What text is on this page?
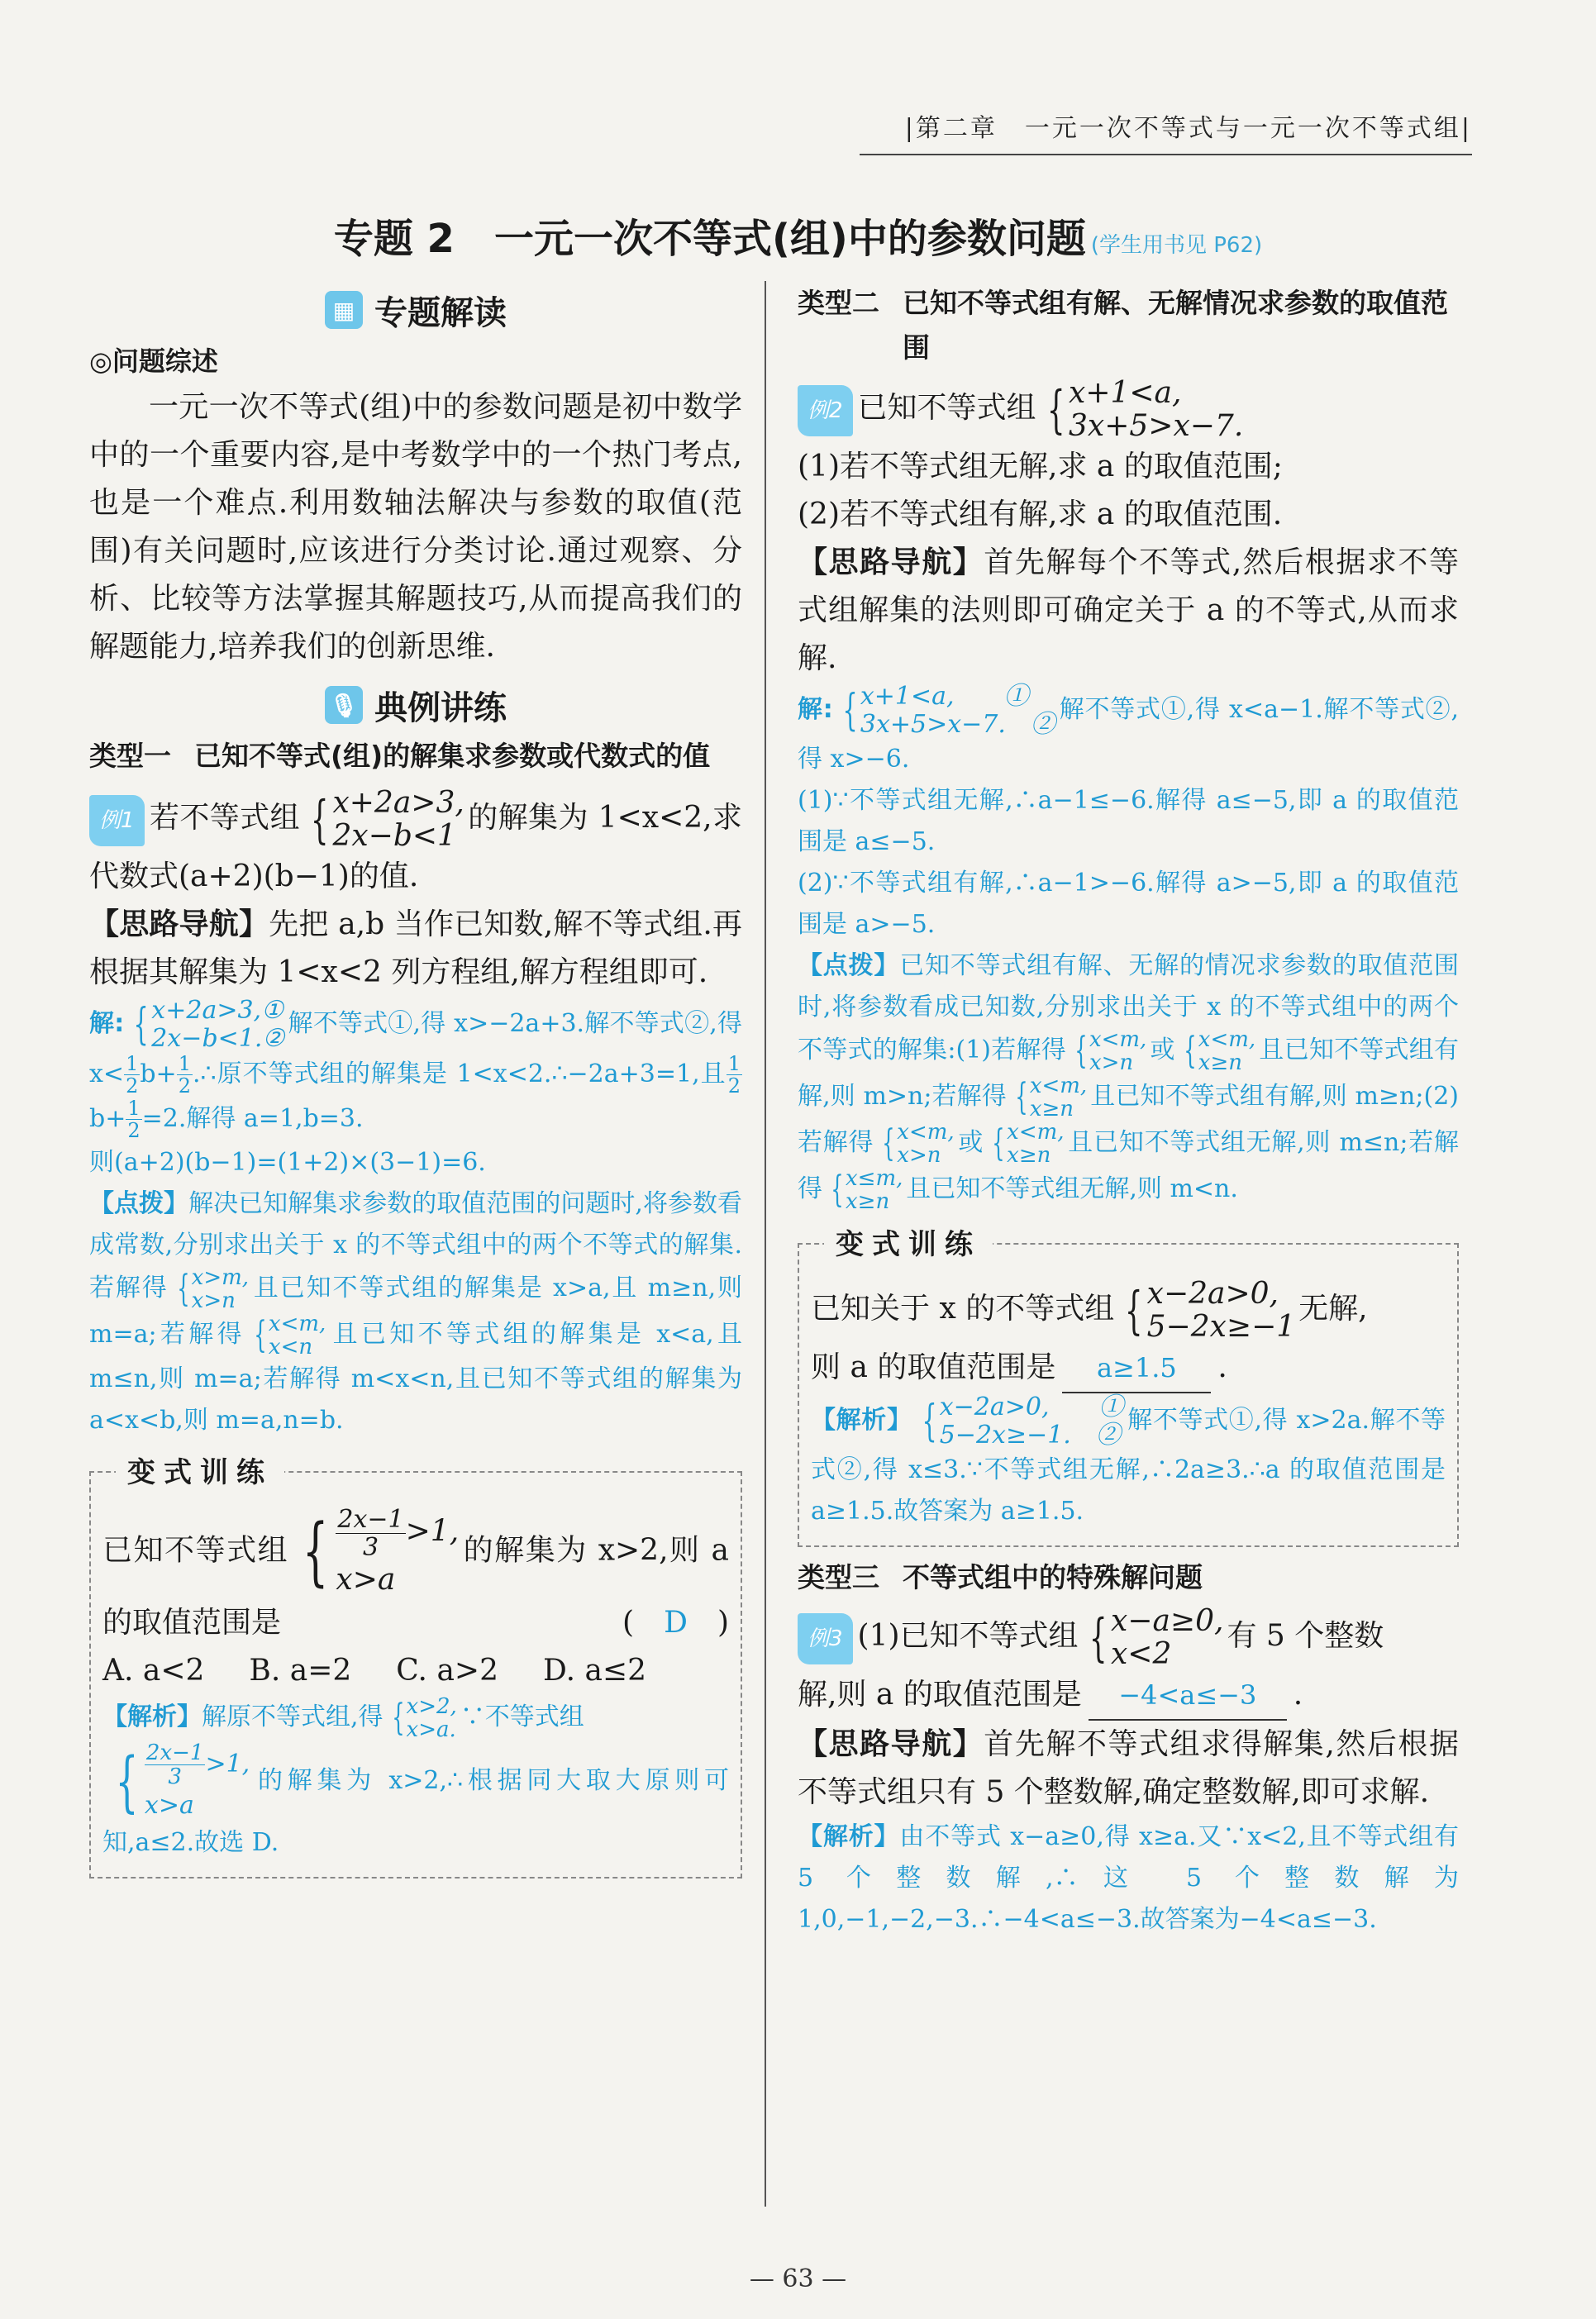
|第二章　一元一次不等式与一元一次不等式组|
专题 2　一元一次不等式(组)中的参数问题 (学生用书见 P62)
▦ 专题解读
◎问题综述

一元一次不等式(组)中的参数问题是初中数学中的一个重要内容,是中考数学中的一个热门考点,也是一个难点.利用数轴法解决与参数的取值(范围)有关问题时,应该进行分类讨论.通过观察、分析、比较等方法掌握其解题技巧,从而提高我们的解题能力,培养我们的创新思维.

🎙 典例讲练
类型一 已知不等式(组)的解集求参数或代数式的值

例1 若不等式组 { x+2a>3,
2x−b<1
的解集为 1<x<2,求代数式(a+2)(b−1)的值.

【思路导航】先把 a,b 当作已知数,解不等式组.再根据其解集为 1<x<2 列方程组,解方程组即可.

解: { x+2a>3,①
2x−b<1.②
解不等式①,得 x>−2a+3.解不等式②,得 $x< \frac{1}{2} b+ \frac{1}{2}$ .∴原不等式组的解集是 1<x<2.∴−2a+3=1,且 $\frac{1}{2}$
$b+ \frac{1}{2} =2$.解得 a=1,b=3.
则(a+2)(b−1)=(1+2)×(3−1)=6.
【点拨】解决已知解集求参数的取值范围的问题时,将参数看成常数,分别求出关于 x 的不等式组中的两个不等式的解集.若解得 { x>m,
x>n 且已知不等式组的解集是 x>a,且 m≥n,则 m=a;若解得 { x<m,
x<n 且已知不等式组的解集是 x<a,且 m≤n,则 m=a;若解得 m<x<n,且已知不等式组的解集为 a<x<b,则 m=a,n=b.
变式训练

已知不等式组 { $\frac{2x-1}{3} >1$,
x>a
的解集为 x>2,则 a 的取值范围是	(　D　)

A. a<2 B. a=2 C. a>2 D. a≤2
【解析】解原不等式组,得 { x>2,
x>a. ∵不等式组

{ $\frac{2x-1}{3} >1$,
x>a
的解集为 x>2,∴根据同大取大原则可知,a≤2.故选 D.
类型二 已知不等式组有解、无解情况求参数的取值范围

例2 已知不等式组 { x+1<a,
3x+5>x−7.

(1)若不等式组无解,求 a 的取值范围;

(2)若不等式组有解,求 a 的取值范围.

【思路导航】首先解每个不等式,然后根据求不等式组解集的法则即可确定关于 a 的不等式,从而求解.

解: { x+1<a,　　①
3x+5>x−7.　②
解不等式①,得 x<a−1.解不等式②,得 x>−6.
(1)∵不等式组无解,∴a−1≤−6.解得 a≤−5,即 a 的取值范围是 a≤−5.
(2)∵不等式组有解,∴a−1>−6.解得 a>−5,即 a 的取值范围是 a>−5.
【点拨】已知不等式组有解、无解的情况求参数的取值范围时,将参数看成已知数,分别求出关于 x 的不等式组中的两个不等式的解集:(1)若解得 { x<m,
x>n 或 { x<m,
x≥n 且已知不等式组有解,则 m>n;若解得 { x<m,
x≥n 且已知不等式组有解,则 m≥n;(2)若解得 { x<m,
x>n 或 { x<m,
x≥n 且已知不等式组无解,则 m≤n;若解得 { x≤m,
x≥n 且已知不等式组无解,则 m<n.
变式训练

已知关于 x 的不等式组 { x−2a>0,
5−2x≥−1
无解,

则 a 的取值范围是 a≥1.5 .

【解析】 { x−2a>0,　　①
5−2x≥−1.　②
解不等式①,得 x>2a.解不等式②,得 x≤3.∵不等式组无解,∴2a≥3.∴a 的取值范围是 a≥1.5.故答案为 a≥1.5.
类型三 不等式组中的特殊解问题

例3 (1)已知不等式组 { x−a≥0,
x<2
有 5 个整数

解,则 a 的取值范围是 −4<a≤−3 .

【思路导航】首先解不等式组求得解集,然后根据不等式组只有 5 个整数解,确定整数解,即可求解.

【解析】由不等式 x−a≥0,得 x≥a.又∵x<2,且不等式组有 5 个整数解,∴这 5 个整数解为 1,0,−1,−2,−3.∴−4<a≤−3.故答案为−4<a≤−3.
— 63 —
